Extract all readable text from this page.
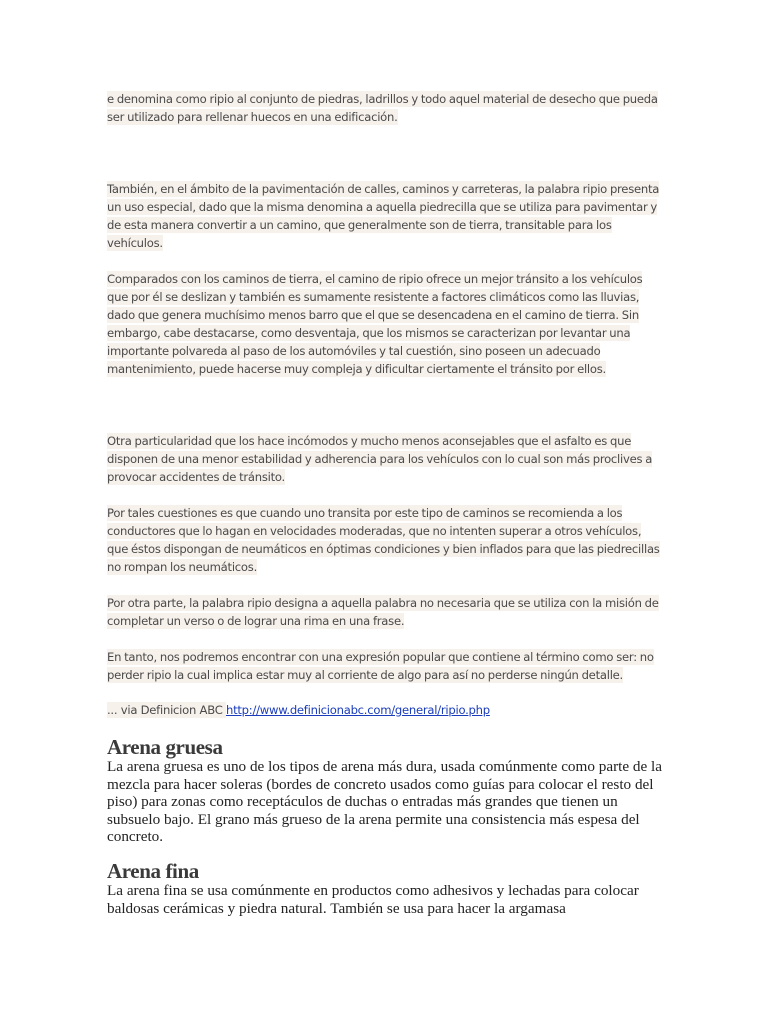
e denomina como ripio al conjunto de piedras, ladrillos y todo aquel material de desecho que pueda ser utilizado para rellenar huecos en una edificación.
También, en el ámbito de la pavimentación de calles, caminos y carreteras, la palabra ripio presenta un uso especial, dado que la misma denomina a aquella piedrecilla que se utiliza para pavimentar y de esta manera convertir a un camino, que generalmente son de tierra, transitable para los vehículos.
Comparados con los caminos de tierra, el camino de ripio ofrece un mejor tránsito a los vehículos que por él se deslizan y también es sumamente resistente a factores climáticos como las lluvias, dado que genera muchísimo menos barro que el que se desencadena en el camino de tierra. Sin embargo, cabe destacarse, como desventaja, que los mismos se caracterizan por levantar una importante polvareda al paso de los automóviles y tal cuestión, sino poseen un adecuado mantenimiento, puede hacerse muy compleja y dificultar ciertamente el tránsito por ellos.
Otra particularidad que los hace incómodos y mucho menos aconsejables que el asfalto es que disponen de una menor estabilidad y adherencia para los vehículos con lo cual son más proclives a provocar accidentes de tránsito.
Por tales cuestiones es que cuando uno transita por este tipo de caminos se recomienda a los conductores que lo hagan en velocidades moderadas, que no intenten superar a otros vehículos, que éstos dispongan de neumáticos en óptimas condiciones y bien inflados para que las piedrecillas no rompan los neumáticos.
Por otra parte, la palabra ripio designa a aquella palabra no necesaria que se utiliza con la misión de completar un verso o de lograr una rima en una frase.
En tanto, nos podremos encontrar con una expresión popular que contiene al término como ser: no perder ripio la cual implica estar muy al corriente de algo para así no perderse ningún detalle.
... via Definicion ABC http://www.definicionabc.com/general/ripio.php
Arena gruesa

La arena gruesa es uno de los tipos de arena más dura, usada comúnmente como parte de la mezcla para hacer soleras (bordes de concreto usados como guías para colocar el resto del piso) para zonas como receptáculos de duchas o entradas más grandes que tienen un subsuelo bajo. El grano más grueso de la arena permite una consistencia más espesa del concreto.

Arena fina

La arena fina se usa comúnmente en productos como adhesivos y lechadas para colocar baldosas cerámicas y piedra natural. También se usa para hacer la argamasa
